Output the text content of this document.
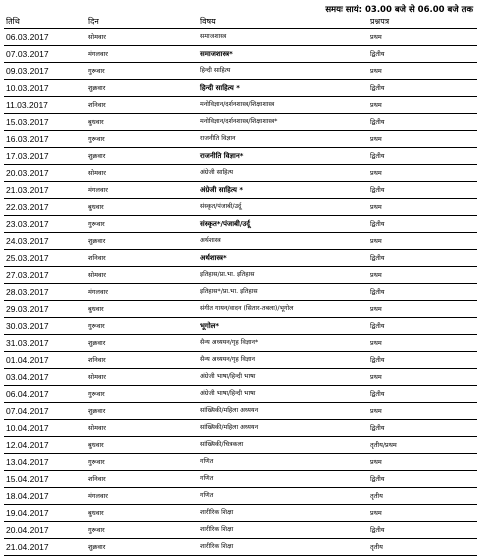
समयः सायं: 03.00 बजे से 06.00 बजे तक
तिथि	दिन	विषय	प्रश्नपत्र
06.03.2017	सोमवार	समाजशास्त्र	प्रथम
07.03.2017	मंगलवार	समाजशास्त्र*	द्वितीय
09.03.2017	गुरूवार	हिन्दी साहित्य	प्रथम
10.03.2017	शुक्रवार	हिन्दी साहित्य *	द्वितीय
11.03.2017	शनिवार	मनोविज्ञान/दर्शनशास्त्र/शिक्षाशास्त्र	प्रथम
15.03.2017	बुधवार	मनोविज्ञान/दर्शनशास्त्र/शिक्षाशास्त्र*	द्वितीय
16.03.2017	गुरूवार	राजनीति विज्ञान	प्रथम
17.03.2017	शुक्रवार	राजनीति विज्ञान*	द्वितीय
20.03.2017	सोमवार	अंग्रेजी साहित्य	प्रथम
21.03.2017	मंगलवार	अंग्रेजी साहित्य *	द्वितीय
22.03.2017	बुधवार	संस्कृत/पंजाबी/उर्दू	प्रथम
23.03.2017	गुरूवार	संस्कृत*/पंजाबी/उर्दू	द्वितीय
24.03.2017	शुक्रवार	अर्थशास्त्र	प्रथम
25.03.2017	शनिवार	अर्थशास्त्र*	द्वितीय
27.03.2017	सोमवार	इतिहास/प्रा.भा. इतिहास	प्रथम
28.03.2017	मंगलवार	इतिहास*/प्रा.भा. इतिहास	द्वितीय
29.03.2017	बुधवार	संगीत गायन/वादन (सितार-तबला)/भूगोल	प्रथम
30.03.2017	गुरूवार	भूगोल*	द्वितीय
31.03.2017	शुक्रवार	सैन्य अध्ययन/गृह विज्ञान*	प्रथम
01.04.2017	शनिवार	सैन्य अध्ययन/गृह विज्ञान	द्वितीय
03.04.2017	सोमवार	अंग्रेजी भाषा/हिन्दी भाषा	प्रथम
06.04.2017	गुरूवार	अंग्रेजी भाषा/हिन्दी भाषा	द्वितीय
07.04.2017	शुक्रवार	सांख्यिकी/महिला अध्ययन	प्रथम
10.04.2017	सोमवार	सांख्यिकी/महिला अध्ययन	द्वितीय
12.04.2017	बुधवार	सांख्यिकी/चित्रकला	तृतीय/प्रथम
13.04.2017	गुरूवार	गणित	प्रथम
15.04.2017	शनिवार	गणित	द्वितीय
18.04.2017	मंगलवार	गणित	तृतीय
19.04.2017	बुधवार	शारीरिक शिक्षा	प्रथम
20.04.2017	गुरूवार	शारीरिक शिक्षा	द्वितीय
21.04.2017	शुक्रवार	शारीरिक शिक्षा	तृतीय
